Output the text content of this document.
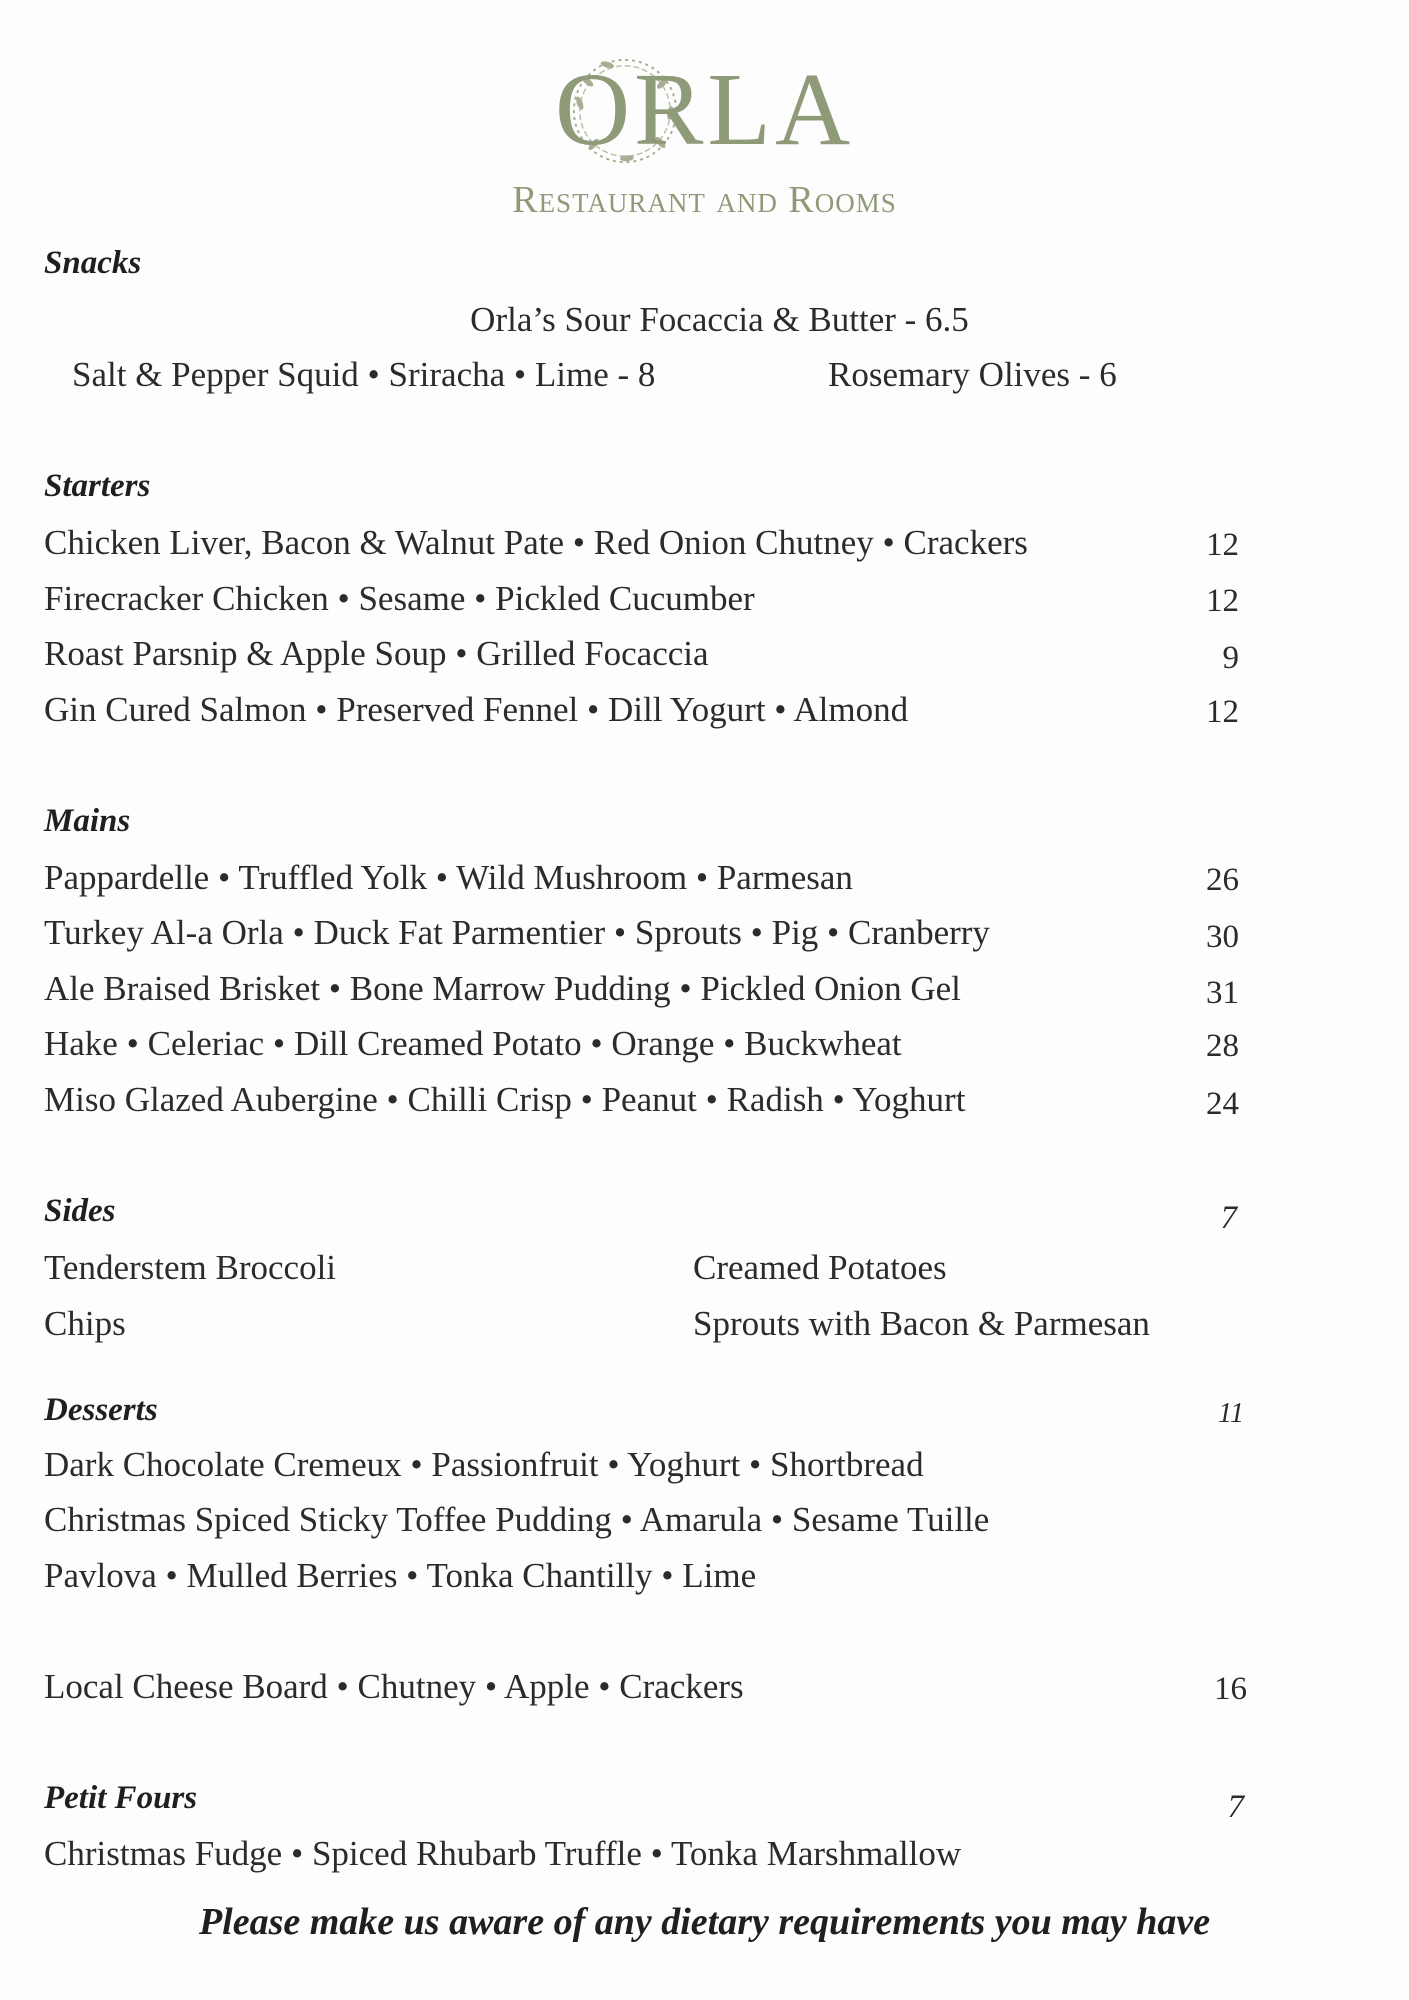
ORLA
Restaurant and Rooms
Snacks
Orla’s Sour Focaccia & Butter - 6.5
Salt & Pepper Squid • Sriracha • Lime - 8	Rosemary Olives - 6
Starters
Chicken Liver, Bacon & Walnut Pate • Red Onion Chutney • Crackers	12
Firecracker Chicken • Sesame • Pickled Cucumber	12
Roast Parsnip & Apple Soup • Grilled Focaccia	9
Gin Cured Salmon • Preserved Fennel • Dill Yogurt • Almond	12
Mains
Pappardelle • Truffled Yolk • Wild Mushroom • Parmesan	26
Turkey Al-a Orla • Duck Fat Parmentier • Sprouts • Pig • Cranberry	30
Ale Braised Brisket • Bone Marrow Pudding • Pickled Onion Gel	31
Hake • Celeriac • Dill Creamed Potato • Orange • Buckwheat	28
Miso Glazed Aubergine • Chilli Crisp • Peanut • Radish • Yoghurt	24
Sides	7
Tenderstem Broccoli	Creamed Potatoes
Chips	Sprouts with Bacon & Parmesan
Desserts	11
Dark Chocolate Cremeux • Passionfruit • Yoghurt • Shortbread
Christmas Spiced Sticky Toffee Pudding • Amarula • Sesame Tuille
Pavlova • Mulled Berries • Tonka Chantilly • Lime
Local Cheese Board • Chutney • Apple • Crackers	16
Petit Fours	7
Christmas Fudge • Spiced Rhubarb Truffle • Tonka Marshmallow
Please make us aware of any dietary requirements you may have
